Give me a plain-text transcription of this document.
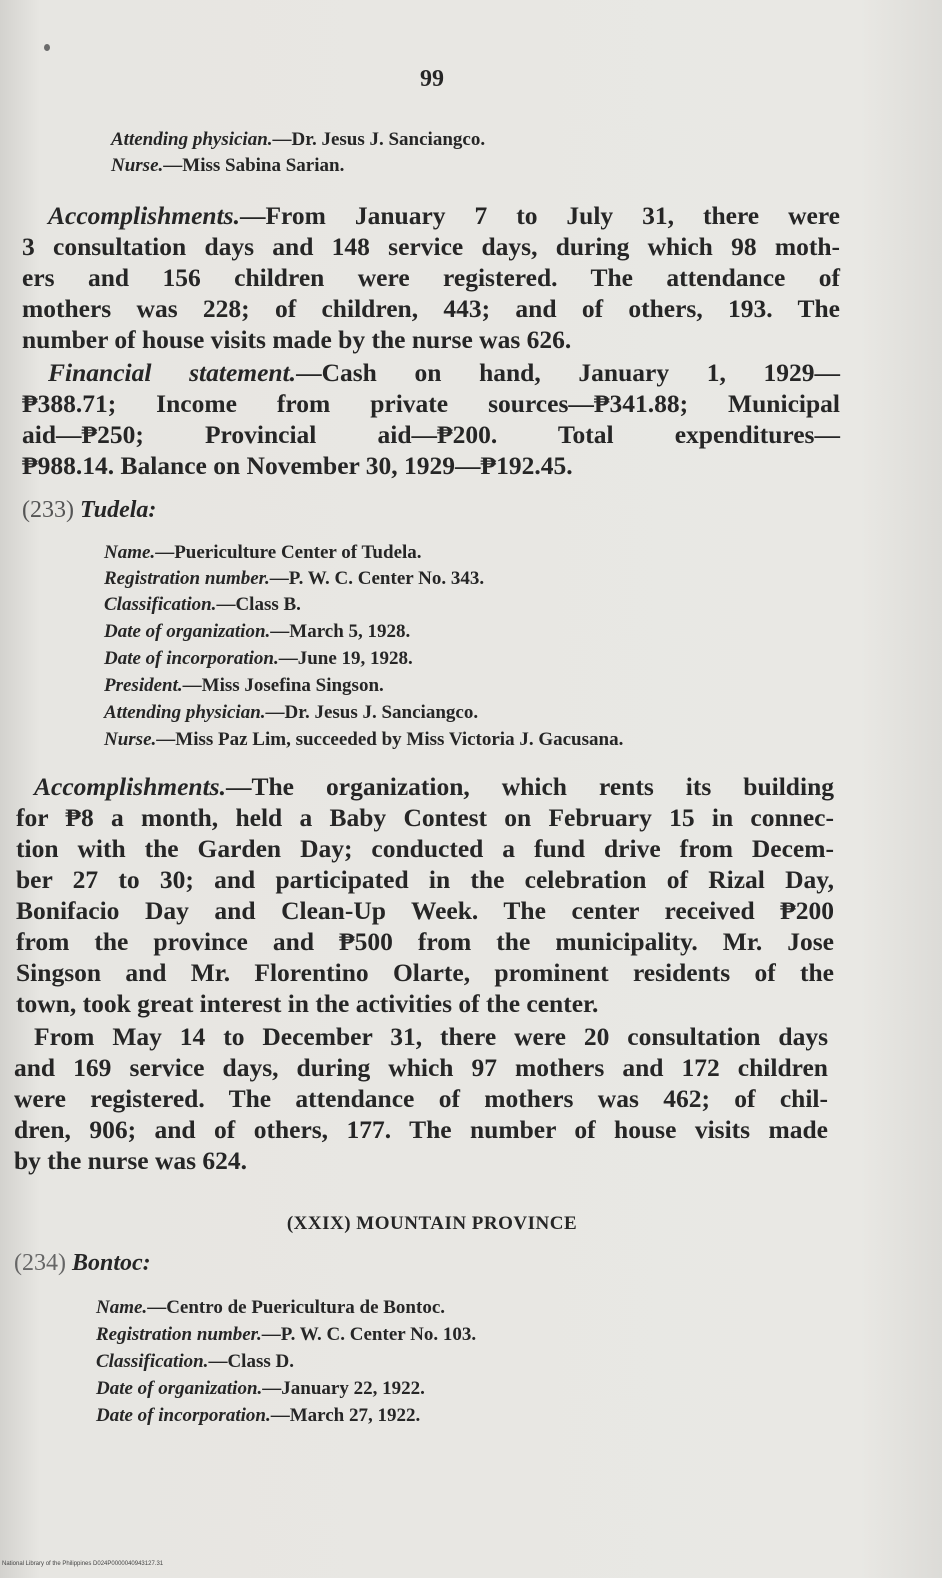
99
Attending physician.—Dr. Jesus J. Sanciangco.
Nurse.—Miss Sabina Sarian.
Accomplishments.—From January 7 to July 31, there were
3 consultation days and 148 service days, during which 98 moth-
ers and 156 children were registered. The attendance of
mothers was 228; of children, 443; and of others, 193. The
number of house visits made by the nurse was 626.
Financial statement.—Cash on hand, January 1, 1929—
₱388.71; Income from private sources—₱341.88; Municipal
aid—₱250; Provincial aid—₱200. Total expenditures—
₱988.14. Balance on November 30, 1929—₱192.45.
(233) Tudela:
Name.—Puericulture Center of Tudela.
Registration number.—P. W. C. Center No. 343.
Classification.—Class B.
Date of organization.—March 5, 1928.
Date of incorporation.—June 19, 1928.
President.—Miss Josefina Singson.
Attending physician.—Dr. Jesus J. Sanciangco.
Nurse.—Miss Paz Lim, succeeded by Miss Victoria J. Gacusana.
Accomplishments.—The organization, which rents its building
for ₱8 a month, held a Baby Contest on February 15 in connec-
tion with the Garden Day; conducted a fund drive from Decem-
ber 27 to 30; and participated in the celebration of Rizal Day,
Bonifacio Day and Clean-Up Week. The center received ₱200
from the province and ₱500 from the municipality. Mr. Jose
Singson and Mr. Florentino Olarte, prominent residents of the
town, took great interest in the activities of the center.
From May 14 to December 31, there were 20 consultation days
and 169 service days, during which 97 mothers and 172 children
were registered. The attendance of mothers was 462; of chil-
dren, 906; and of others, 177. The number of house visits made
by the nurse was 624.
(XXIX) MOUNTAIN PROVINCE
(234) Bontoc:
Name.—Centro de Puericultura de Bontoc.
Registration number.—P. W. C. Center No. 103.
Classification.—Class D.
Date of organization.—January 22, 1922.
Date of incorporation.—March 27, 1922.
National Library of the Philippines D024P0000040943127.31
